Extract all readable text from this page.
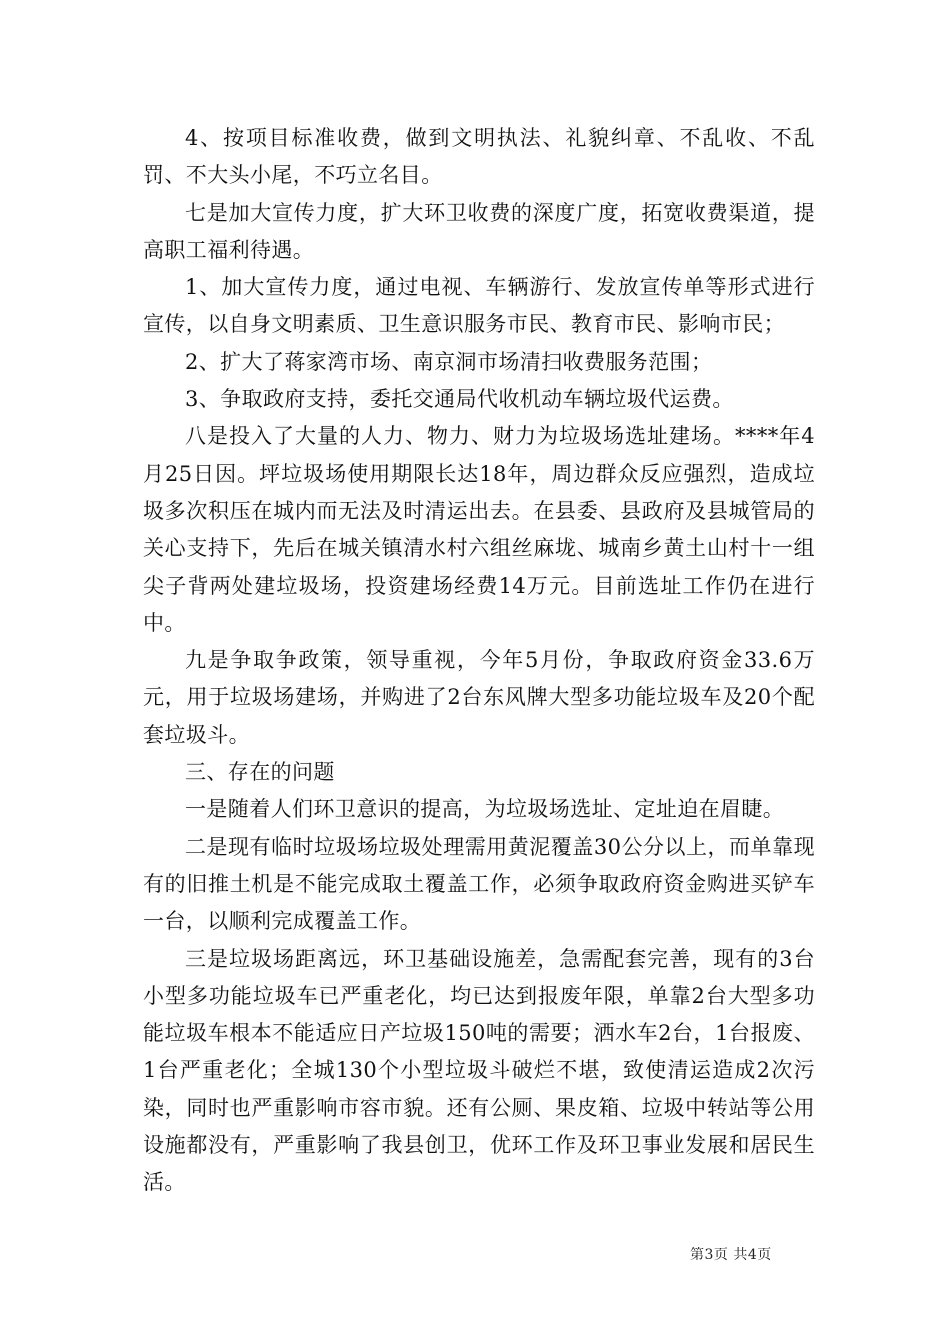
4、按项目标准收费，做到文明执法、礼貌纠章、不乱收、不乱罚、不大头小尾，不巧立名目。

七是加大宣传力度，扩大环卫收费的深度广度，拓宽收费渠道，提高职工福利待遇。

1、加大宣传力度，通过电视、车辆游行、发放宣传单等形式进行宣传，以自身文明素质、卫生意识服务市民、教育市民、影响市民；

2、扩大了蒋家湾市场、南京洞市场清扫收费服务范围；

3、争取政府支持，委托交通局代收机动车辆垃圾代运费。

八是投入了大量的人力、物力、财力为垃圾场选址建场。****年4月25日因。坪垃圾场使用期限长达18年，周边群众反应强烈，造成垃圾多次积压在城内而无法及时清运出去。在县委、县政府及县城管局的关心支持下，先后在城关镇清水村六组丝麻垅、城南乡黄土山村十一组尖子背两处建垃圾场，投资建场经费14万元。目前选址工作仍在进行中。

九是争取争政策，领导重视，今年5月份，争取政府资金33.6万元，用于垃圾场建场，并购进了2台东风牌大型多功能垃圾车及20个配套垃圾斗。

三、存在的问题

一是随着人们环卫意识的提高，为垃圾场选址、定址迫在眉睫。

二是现有临时垃圾场垃圾处理需用黄泥覆盖30公分以上，而单靠现有的旧推土机是不能完成取土覆盖工作，必须争取政府资金购进买铲车一台，以顺利完成覆盖工作。

三是垃圾场距离远，环卫基础设施差，急需配套完善，现有的3台小型多功能垃圾车已严重老化，均已达到报废年限，单靠2台大型多功能垃圾车根本不能适应日产垃圾150吨的需要；洒水车2台，1台报废、1台严重老化；全城130个小型垃圾斗破烂不堪，致使清运造成2次污染，同时也严重影响市容市貌。还有公厕、果皮箱、垃圾中转站等公用设施都没有，严重影响了我县创卫，优环工作及环卫事业发展和居民生活。

第3页 共4页
